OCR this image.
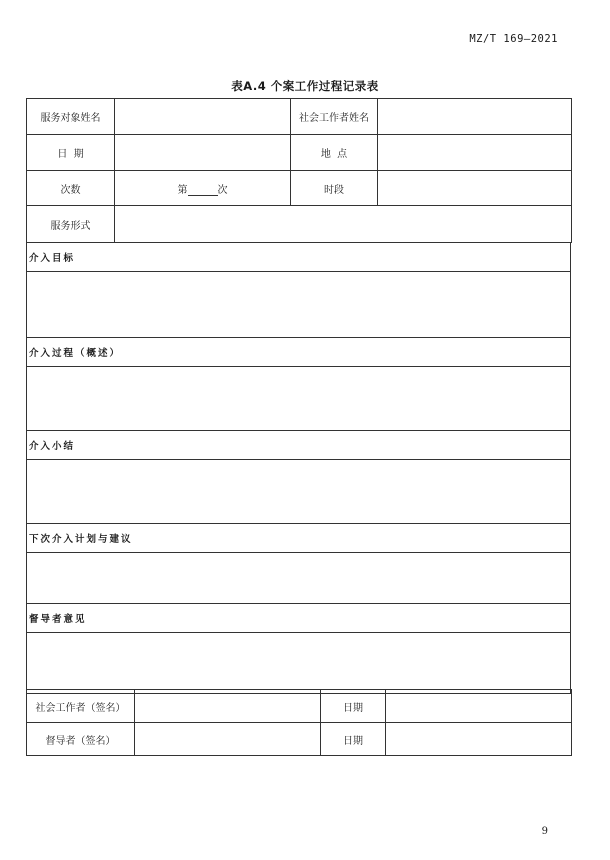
MZ/T 169—2021
表A.4 个案工作过程记录表
服务对象姓名		社会工作者姓名	
日  期		地  点	
次数	第 次	时段	
服务形式			
介入目标

介入过程（概述）

介入小结

下次介入计划与建议

督导者意见

社会工作者（签名）		日期	
督导者（签名）		日期	
9
